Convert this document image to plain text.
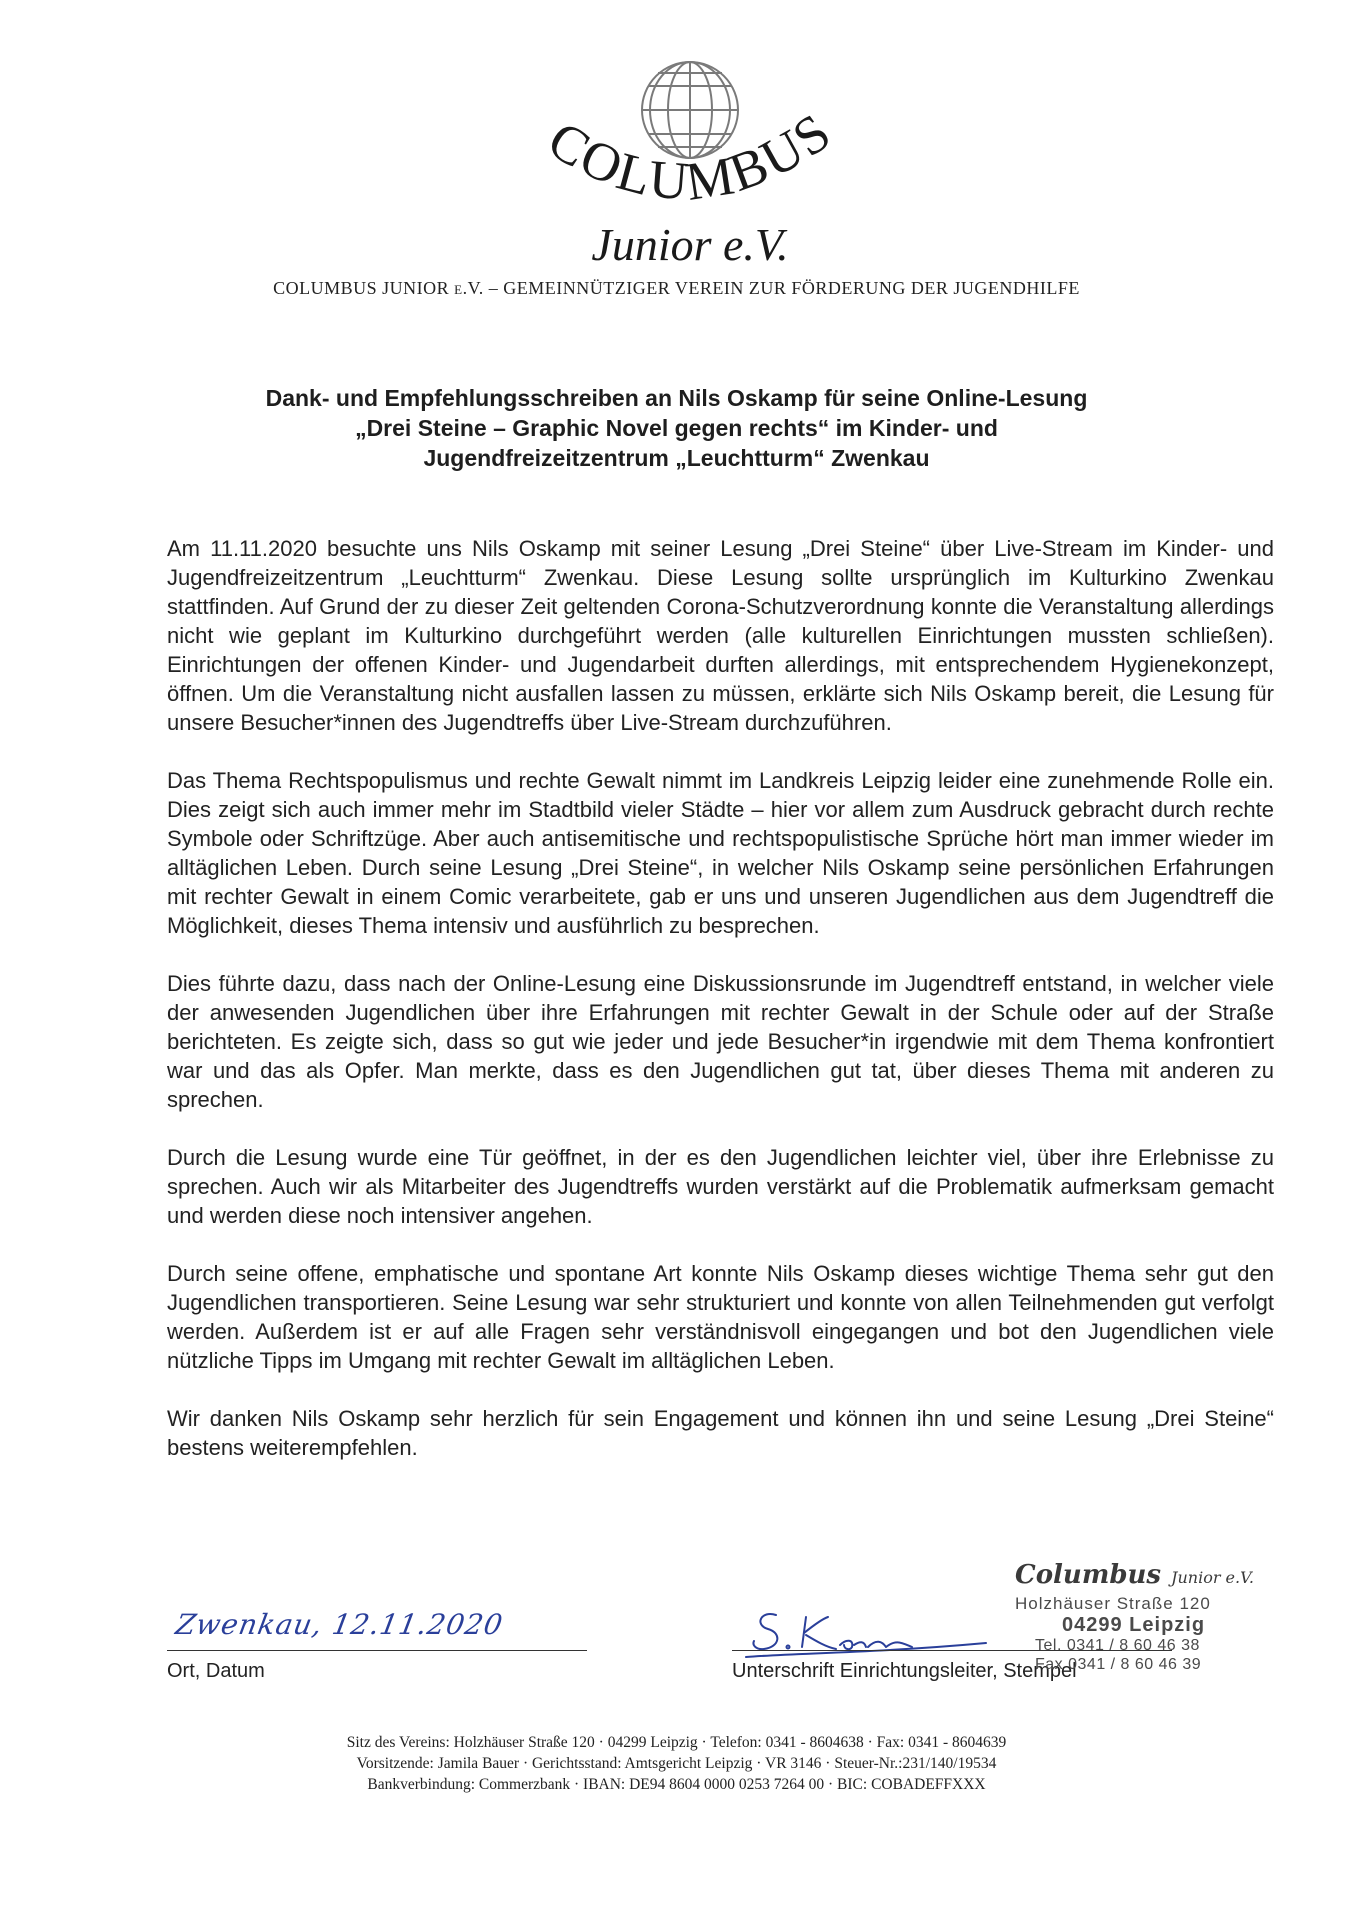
COLUMBUS
Junior e.V.
COLUMBUS JUNIOR e.V. – GEMEINNÜTZIGER VEREIN ZUR FÖRDERUNG DER JUGENDHILFE
Dank- und Empfehlungsschreiben an Nils Oskamp für seine Online-Lesung
„Drei Steine – Graphic Novel gegen rechts“ im Kinder- und
Jugendfreizeitzentrum „Leuchtturm“ Zwenkau

Am 11.11.2020 besuchte uns Nils Oskamp mit seiner Lesung „Drei Steine“ über Live-Stream im Kinder- und Jugendfreizeitzentrum „Leuchtturm“ Zwenkau. Diese Lesung sollte ursprünglich im Kulturkino Zwenkau stattfinden. Auf Grund der zu dieser Zeit geltenden Corona-Schutzverordnung konnte die Veranstaltung allerdings nicht wie geplant im Kulturkino durchgeführt werden (alle kulturellen Einrichtungen mussten schließen). Einrichtungen der offenen Kinder- und Jugendarbeit durften allerdings, mit entsprechendem Hygienekonzept, öffnen. Um die Veranstaltung nicht ausfallen lassen zu müssen, erklärte sich Nils Oskamp bereit, die Lesung für unsere Besucher*innen des Jugendtreffs über Live-Stream durchzuführen.

Das Thema Rechtspopulismus und rechte Gewalt nimmt im Landkreis Leipzig leider eine zunehmende Rolle ein. Dies zeigt sich auch immer mehr im Stadtbild vieler Städte – hier vor allem zum Ausdruck gebracht durch rechte Symbole oder Schriftzüge. Aber auch antisemitische und rechtspopulistische Sprüche hört man immer wieder im alltäglichen Leben. Durch seine Lesung „Drei Steine“, in welcher Nils Oskamp seine persönlichen Erfahrungen mit rechter Gewalt in einem Comic verarbeitete, gab er uns und unseren Jugendlichen aus dem Jugendtreff die Möglichkeit, dieses Thema intensiv und ausführlich zu besprechen.

Dies führte dazu, dass nach der Online-Lesung eine Diskussionsrunde im Jugendtreff entstand, in welcher viele der anwesenden Jugendlichen über ihre Erfahrungen mit rechter Gewalt in der Schule oder auf der Straße berichteten. Es zeigte sich, dass so gut wie jeder und jede Besucher*in irgendwie mit dem Thema konfrontiert war und das als Opfer. Man merkte, dass es den Jugendlichen gut tat, über dieses Thema mit anderen zu sprechen.

Durch die Lesung wurde eine Tür geöffnet, in der es den Jugendlichen leichter viel, über ihre Erlebnisse zu sprechen. Auch wir als Mitarbeiter des Jugendtreffs wurden verstärkt auf die Problematik aufmerksam gemacht und werden diese noch intensiver angehen.

Durch seine offene, emphatische und spontane Art konnte Nils Oskamp dieses wichtige Thema sehr gut den Jugendlichen transportieren. Seine Lesung war sehr strukturiert und konnte von allen Teilnehmenden gut verfolgt werden. Außerdem ist er auf alle Fragen sehr verständnisvoll eingegangen und bot den Jugendlichen viele nützliche Tipps im Umgang mit rechter Gewalt im alltäglichen Leben.

Wir danken Nils Oskamp sehr herzlich für sein Engagement und können ihn und seine Lesung „Drei Steine“ bestens weiterempfehlen.

Zwenkau, 12.11.2020
Ort, Datum	Unterschrift Einrichtungsleiter, Stempel
Columbus Junior e.V.
Holzhäuser Straße 120
04299 Leipzig
Tel. 0341 / 8 60 46 38
Fax 0341 / 8 60 46 39
Sitz des Vereins: Holzhäuser Straße 120 · 04299 Leipzig · Telefon: 0341 - 8604638 · Fax: 0341 - 8604639
Vorsitzende: Jamila Bauer · Gerichtsstand: Amtsgericht Leipzig · VR 3146 · Steuer-Nr.:231/140/19534
Bankverbindung: Commerzbank · IBAN: DE94 8604 0000 0253 7264 00 · BIC: COBADEFFXXX
